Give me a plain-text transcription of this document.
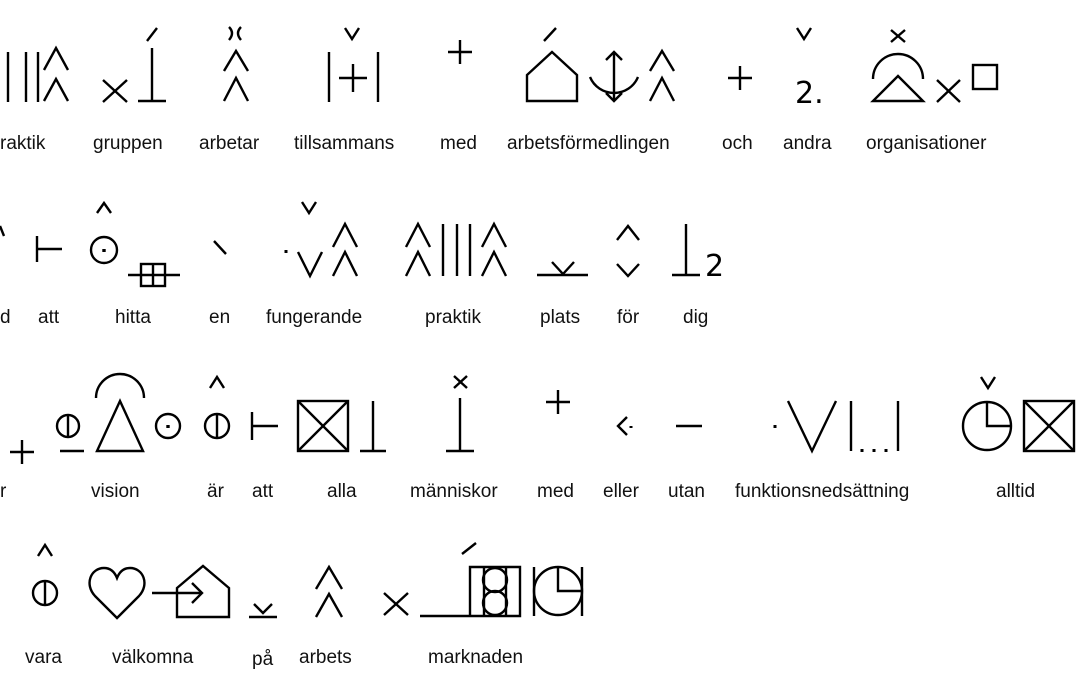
2.
2
raktik	gruppen arbetar tillsammans med arbetsförmedlingen	och andra organisationer
d att	hitta	en fungerande	praktik	plats för dig
r	vision	är att	alla	människor med eller utan funktionsnedsättning	alltid
vara	välkomna	på arbets	marknaden
